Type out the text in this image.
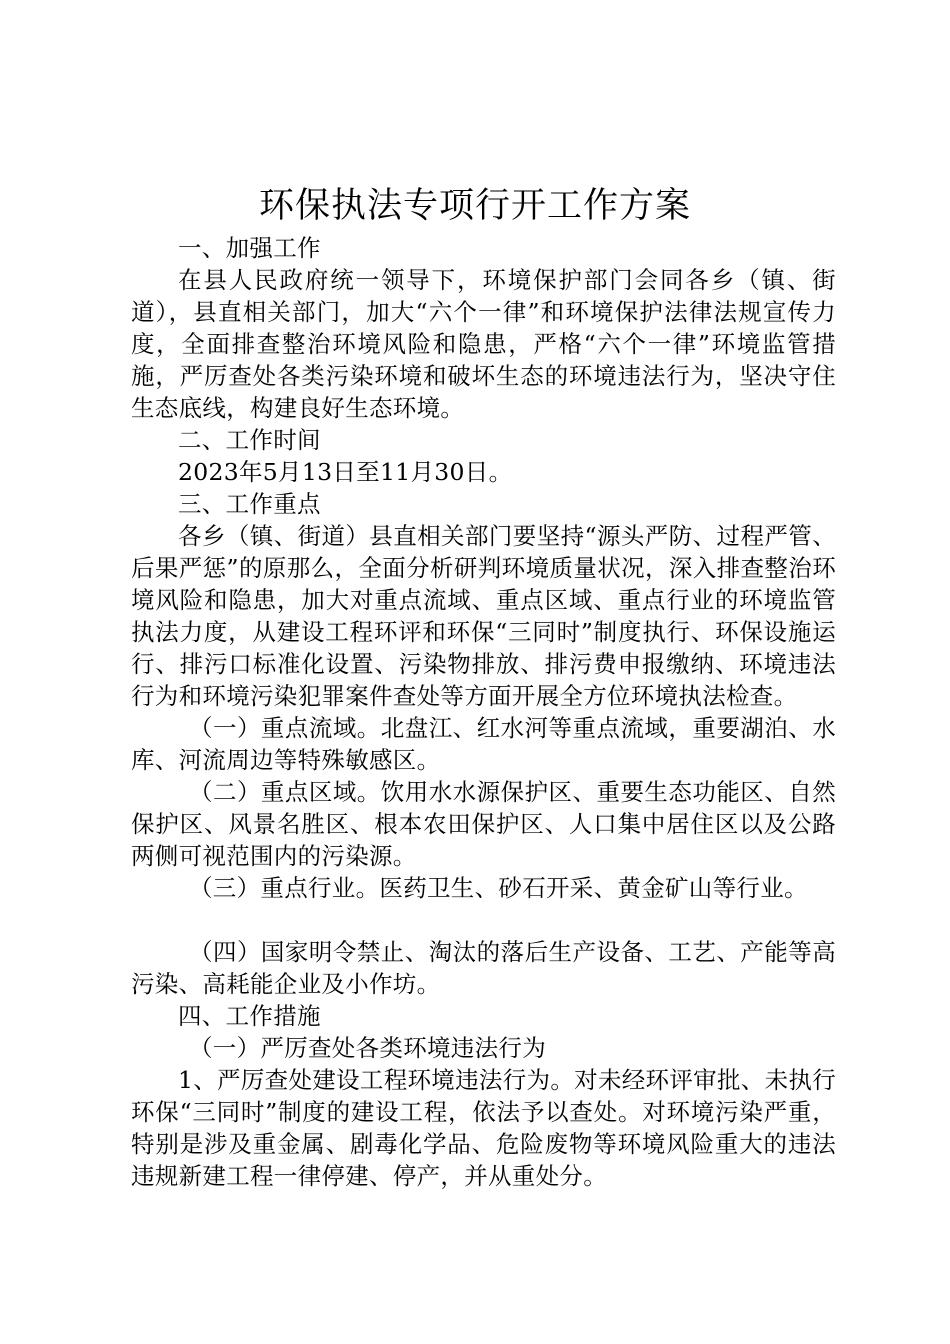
环保执法专项行开工作方案

一、加强工作

在县人民政府统一领导下，环境保护部门会同各乡（镇、街道），县直相关部门，加大“六个一律”和环境保护法律法规宣传力度，全面排查整治环境风险和隐患，严格“六个一律”环境监管措施，严厉查处各类污染环境和破坏生态的环境违法行为，坚决守住生态底线，构建良好生态环境。

二、工作时间

2023年5月13日至11月30日。

三、工作重点

各乡（镇、街道）县直相关部门要坚持“源头严防、过程严管、后果严惩”的原那么，全面分析研判环境质量状况，深入排查整治环境风险和隐患，加大对重点流域、重点区域、重点行业的环境监管执法力度，从建设工程环评和环保“三同时”制度执行、环保设施运行、排污口标准化设置、污染物排放、排污费申报缴纳、环境违法行为和环境污染犯罪案件查处等方面开展全方位环境执法检查。

（一）重点流域。北盘江、红水河等重点流域，重要湖泊、水库、河流周边等特殊敏感区。

（二）重点区域。饮用水水源保护区、重要生态功能区、自然保护区、风景名胜区、根本农田保护区、人口集中居住区以及公路两侧可视范围内的污染源。

（三）重点行业。医药卫生、砂石开采、黄金矿山等行业。

（四）国家明令禁止、淘汰的落后生产设备、工艺、产能等高污染、高耗能企业及小作坊。

四、工作措施

（一）严厉查处各类环境违法行为

1、严厉查处建设工程环境违法行为。对未经环评审批、未执行环保“三同时”制度的建设工程，依法予以查处。对环境污染严重，特别是涉及重金属、剧毒化学品、危险废物等环境风险重大的违法违规新建工程一律停建、停产，并从重处分。
